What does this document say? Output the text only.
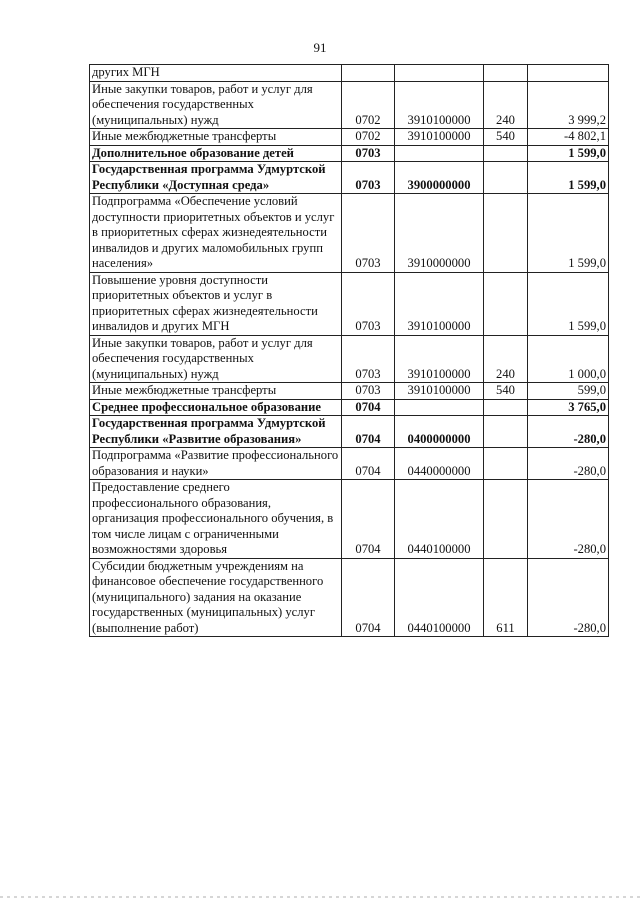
91
других МГН				
Иные закупки товаров, работ и услуг для обеспечения государственных (муниципальных) нужд	0702	3910100000	240	3 999,2
Иные межбюджетные трансферты	0702	3910100000	540	-4 802,1
Дополнительное образование детей	0703			1 599,0
Государственная программа Удмуртской Республики «Доступная среда»	0703	3900000000		1 599,0
Подпрограмма «Обеспечение условий доступности приоритетных объектов и услуг в приоритетных сферах жизнедеятельности инвалидов и других маломобильных групп населения»	0703	3910000000		1 599,0
Повышение уровня доступности приоритетных объектов и услуг в приоритетных сферах жизнедеятельности инвалидов и других МГН	0703	3910100000		1 599,0
Иные закупки товаров, работ и услуг для обеспечения государственных (муниципальных) нужд	0703	3910100000	240	1 000,0
Иные межбюджетные трансферты	0703	3910100000	540	599,0
Среднее профессиональное образование	0704			3 765,0
Государственная программа Удмуртской Республики «Развитие образования»	0704	0400000000		-280,0
Подпрограмма «Развитие профессионального образования и науки»	0704	0440000000		-280,0
Предоставление среднего профессионального образования, организация профессионального обучения, в том числе лицам с ограниченными возможностями здоровья	0704	0440100000		-280,0
Субсидии бюджетным учреждениям на финансовое обеспечение государственного (муниципального) задания на оказание государственных (муниципальных) услуг (выполнение работ)	0704	0440100000	611	-280,0
